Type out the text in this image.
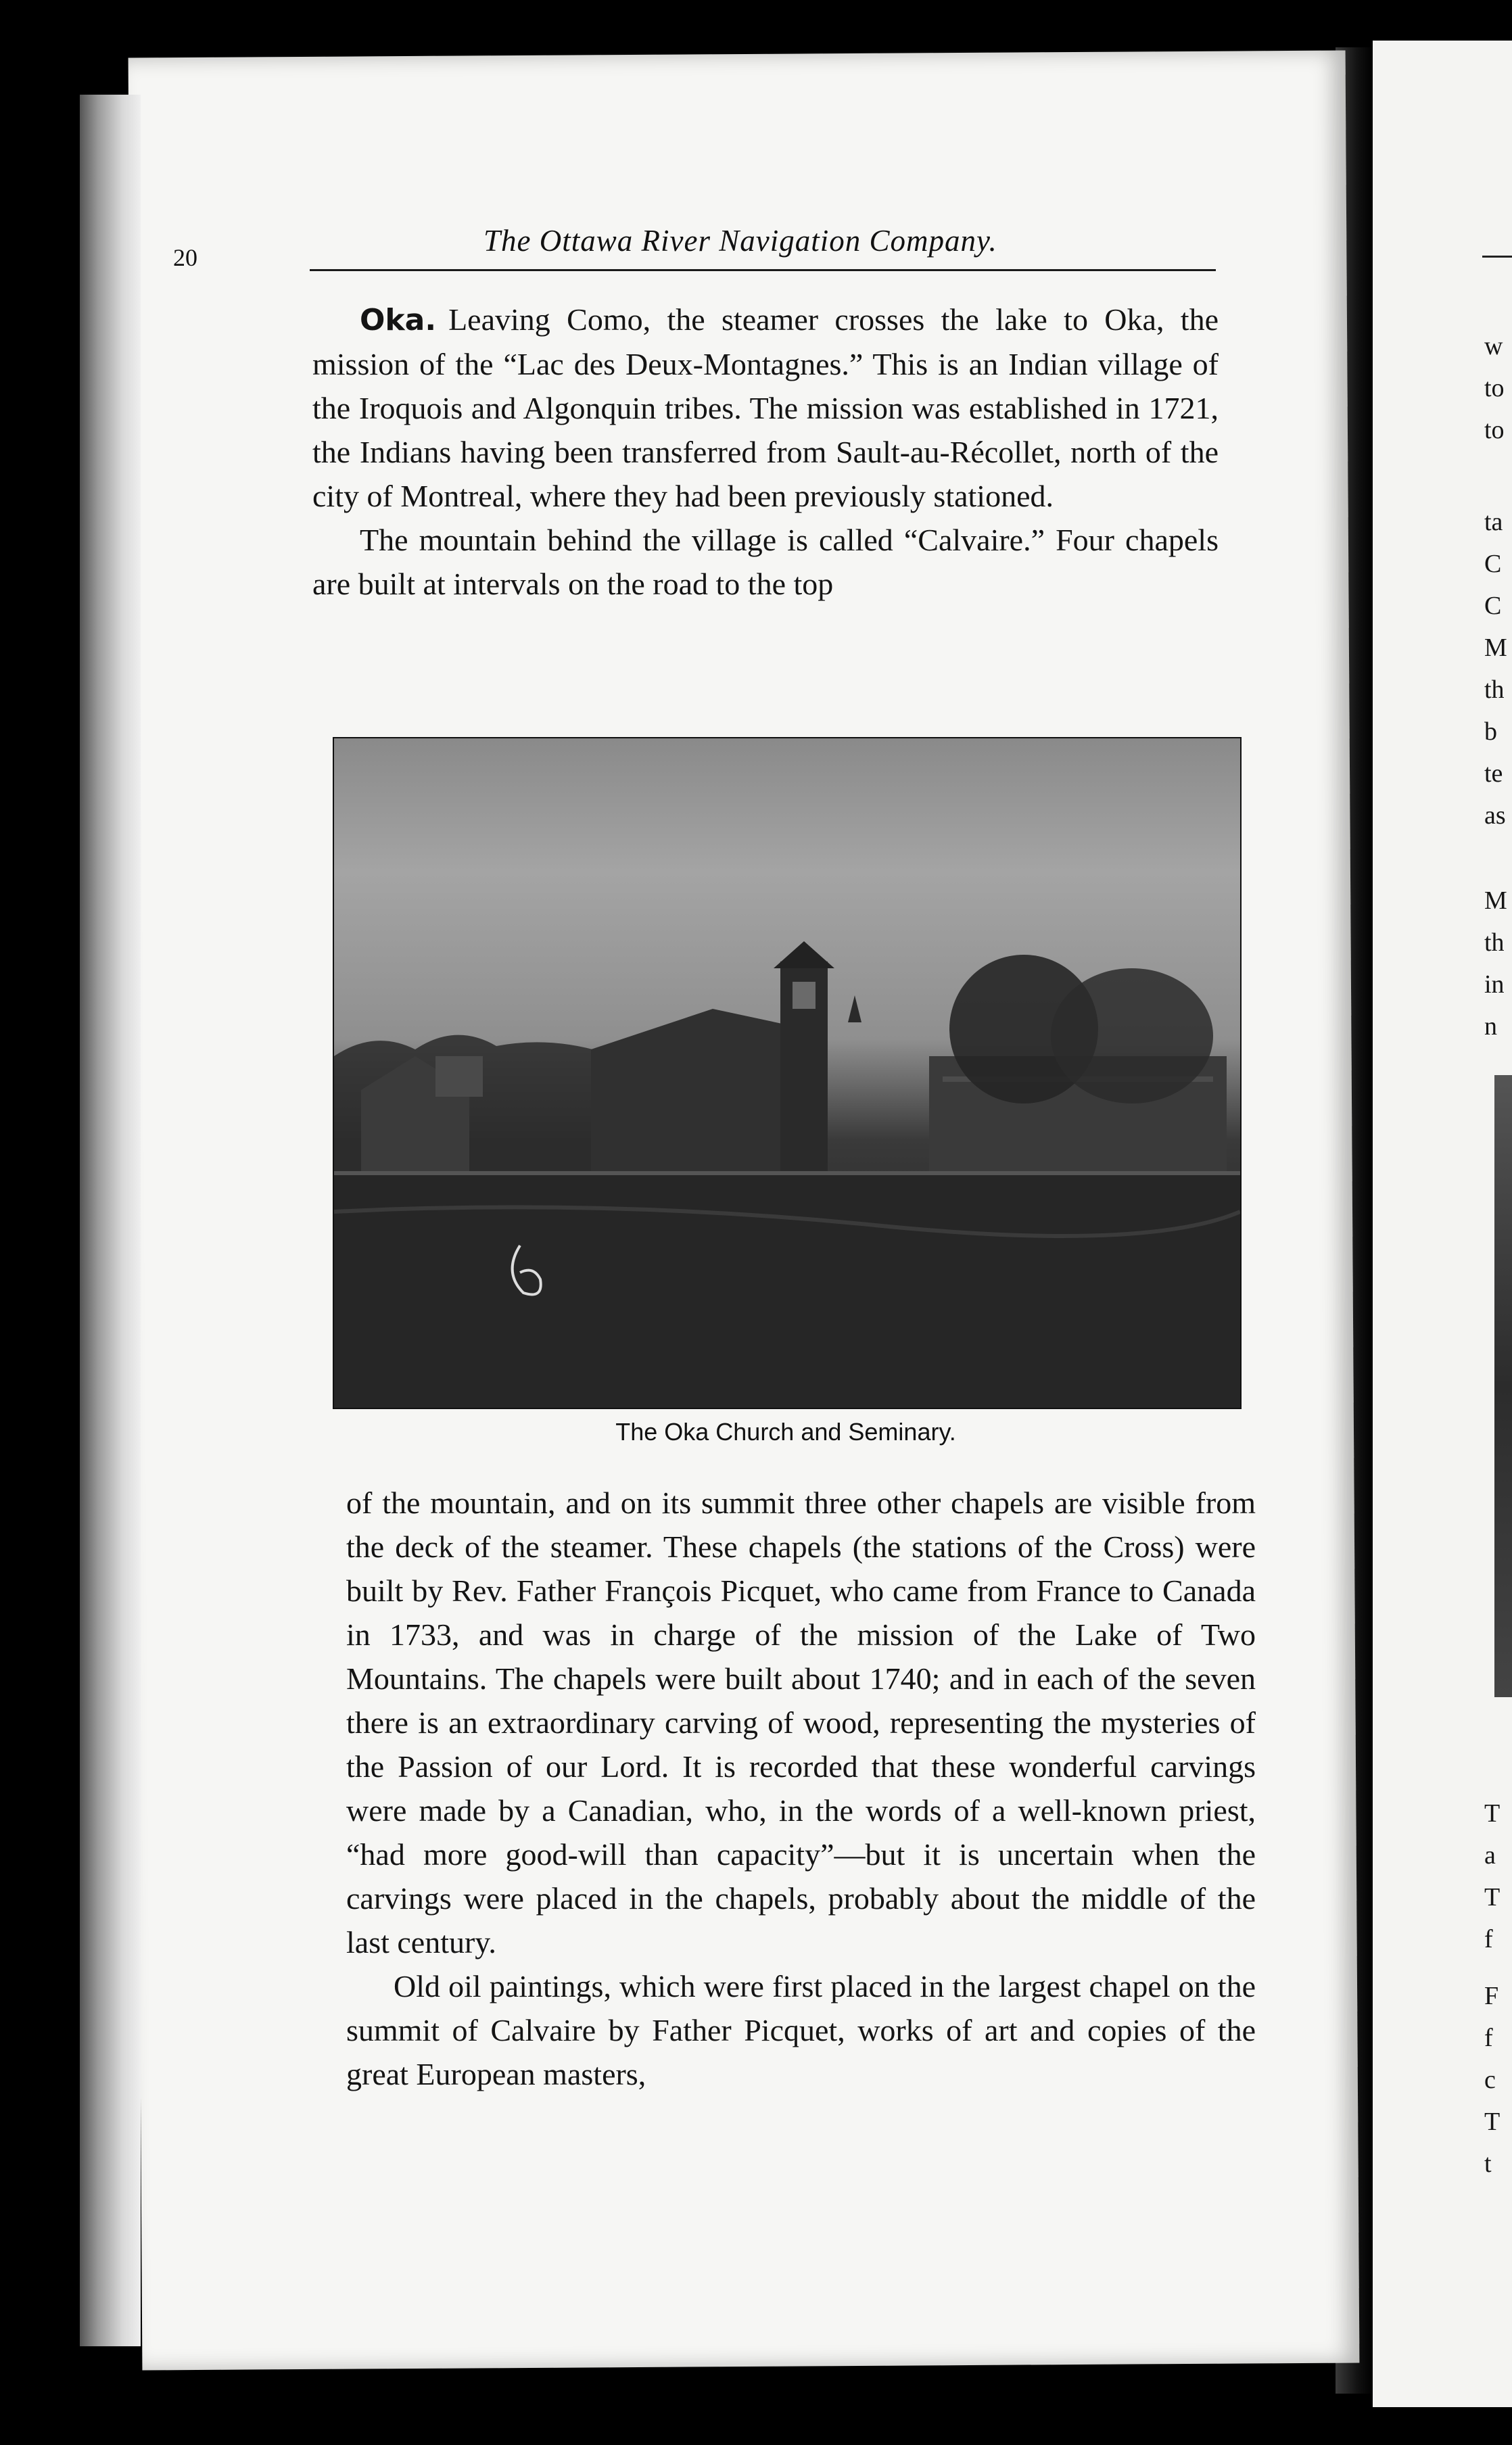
w
to
to
ta
C
C
M
th
b
te
as
M
th
in
n
T
a
T
f
F
f
c
T
t
20	The Ottawa River Navigation Company.

Oka. Leaving Como, the steamer crosses the lake to Oka, the mission of the “Lac des Deux-Montagnes.” This is an Indian village of the Iroquois and Algonquin tribes. The mission was established in 1721, the Indians having been transferred from Sault-au-Récollet, north of the city of Montreal, where they had been previously stationed.

The mountain behind the village is called “Calvaire.” Four chapels are built at intervals on the road to the top

The Oka Church and Seminary.

of the mountain, and on its summit three other chapels are visible from the deck of the steamer. These chapels (the stations of the Cross) were built by Rev. Father François Picquet, who came from France to Canada in 1733, and was in charge of the mission of the Lake of Two Mountains. The chapels were built about 1740; and in each of the seven there is an extraordinary carving of wood, representing the mysteries of the Passion of our Lord. It is recorded that these wonderful carvings were made by a Canadian, who, in the words of a well-known priest, “had more good-will than capacity”—but it is uncertain when the carvings were placed in the chapels, probably about the middle of the last century.

Old oil paintings, which were first placed in the largest chapel on the summit of Calvaire by Father Picquet, works of art and copies of the great European masters,
